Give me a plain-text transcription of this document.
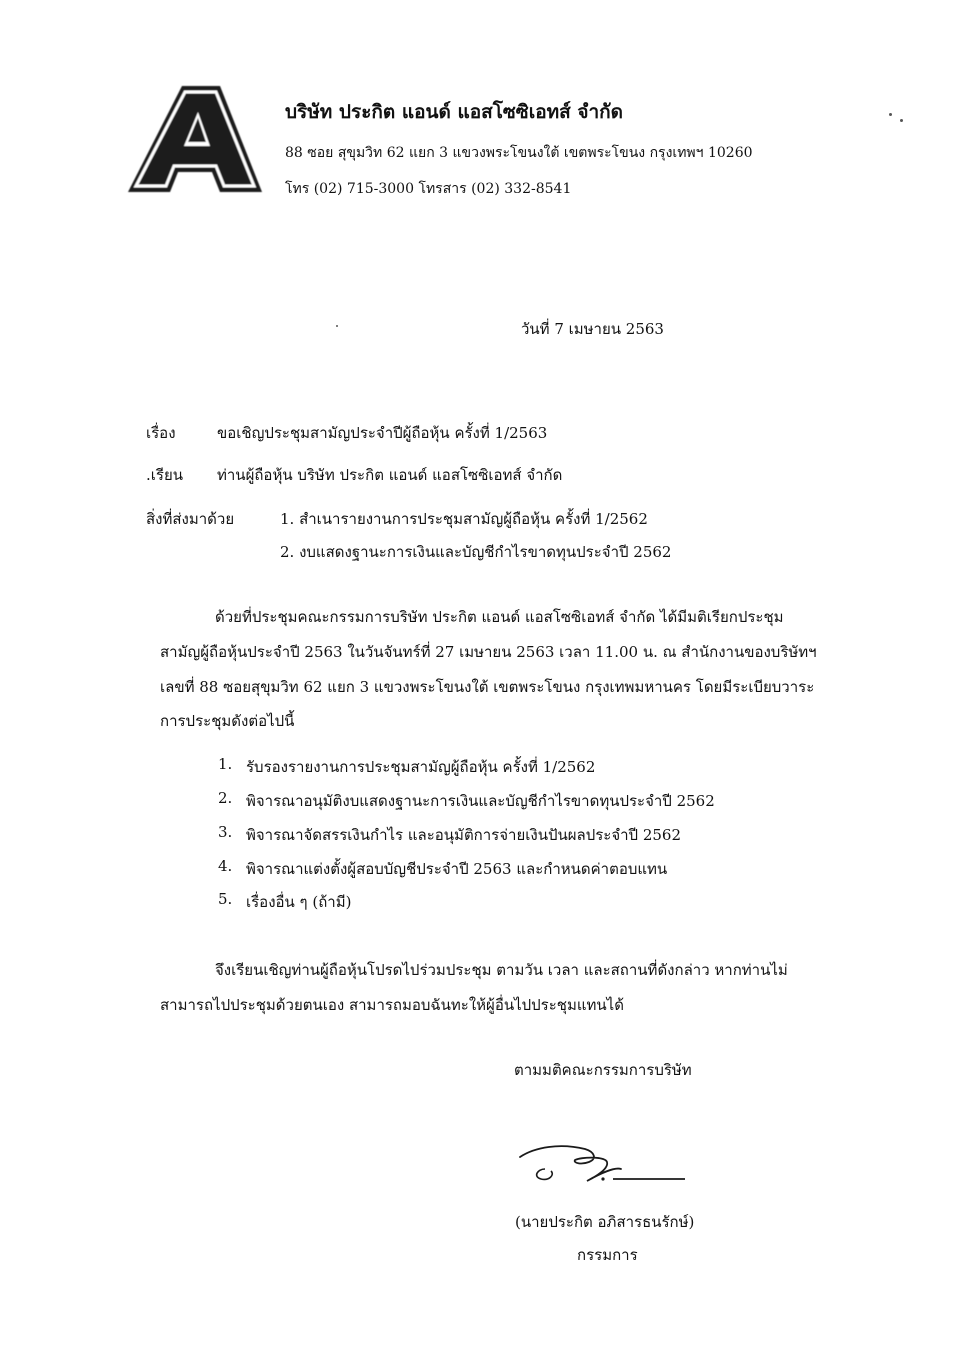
บริษัท ประกิต แอนด์ แอสโซซิเอทส์ จำกัด
88 ซอย สุขุมวิท 62 แยก 3 แขวงพระโขนงใต้ เขตพระโขนง กรุงเทพฯ 10260
โทร (02) 715-3000 โทรสาร (02) 332-8541
วันที่ 7 เมษายน 2563
เรื่อง	ขอเชิญประชุมสามัญประจำปีผู้ถือหุ้น ครั้งที่ 1/2563
.เรียน ท่านผู้ถือหุ้น บริษัท ประกิต แอนด์ แอสโซซิเอทส์ จำกัด
สิ่งที่ส่งมาด้วย	1. สำเนารายงานการประชุมสามัญผู้ถือหุ้น ครั้งที่ 1/2562
2. งบแสดงฐานะการเงินและบัญชีกำไรขาดทุนประจำปี 2562
ด้วยที่ประชุมคณะกรรมการบริษัท ประกิต แอนด์ แอสโซซิเอทส์ จำกัด ได้มีมติเรียกประชุม
สามัญผู้ถือหุ้นประจำปี 2563 ในวันจันทร์ที่ 27 เมษายน 2563 เวลา 11.00 น. ณ สำนักงานของบริษัทฯ
เลขที่ 88 ซอยสุขุมวิท 62 แยก 3 แขวงพระโขนงใต้ เขตพระโขนง กรุงเทพมหานคร โดยมีระเบียบวาระ
การประชุมดังต่อไปนี้
1. รับรองรายงานการประชุมสามัญผู้ถือหุ้น ครั้งที่ 1/2562
2. พิจารณาอนุมัติงบแสดงฐานะการเงินและบัญชีกำไรขาดทุนประจำปี 2562
3. พิจารณาจัดสรรเงินกำไร และอนุมัติการจ่ายเงินปันผลประจำปี 2562
4. พิจารณาแต่งตั้งผู้สอบบัญชีประจำปี 2563 และกำหนดค่าตอบแทน
5. เรื่องอื่น ๆ (ถ้ามี)
จึงเรียนเชิญท่านผู้ถือหุ้นโปรดไปร่วมประชุม ตามวัน เวลา และสถานที่ดังกล่าว หากท่านไม่
สามารถไปประชุมด้วยตนเอง สามารถมอบฉันทะให้ผู้อื่นไปประชุมแทนได้
ตามมติคณะกรรมการบริษัท
(นายประกิต อภิสารธนรักษ์)
กรรมการ
